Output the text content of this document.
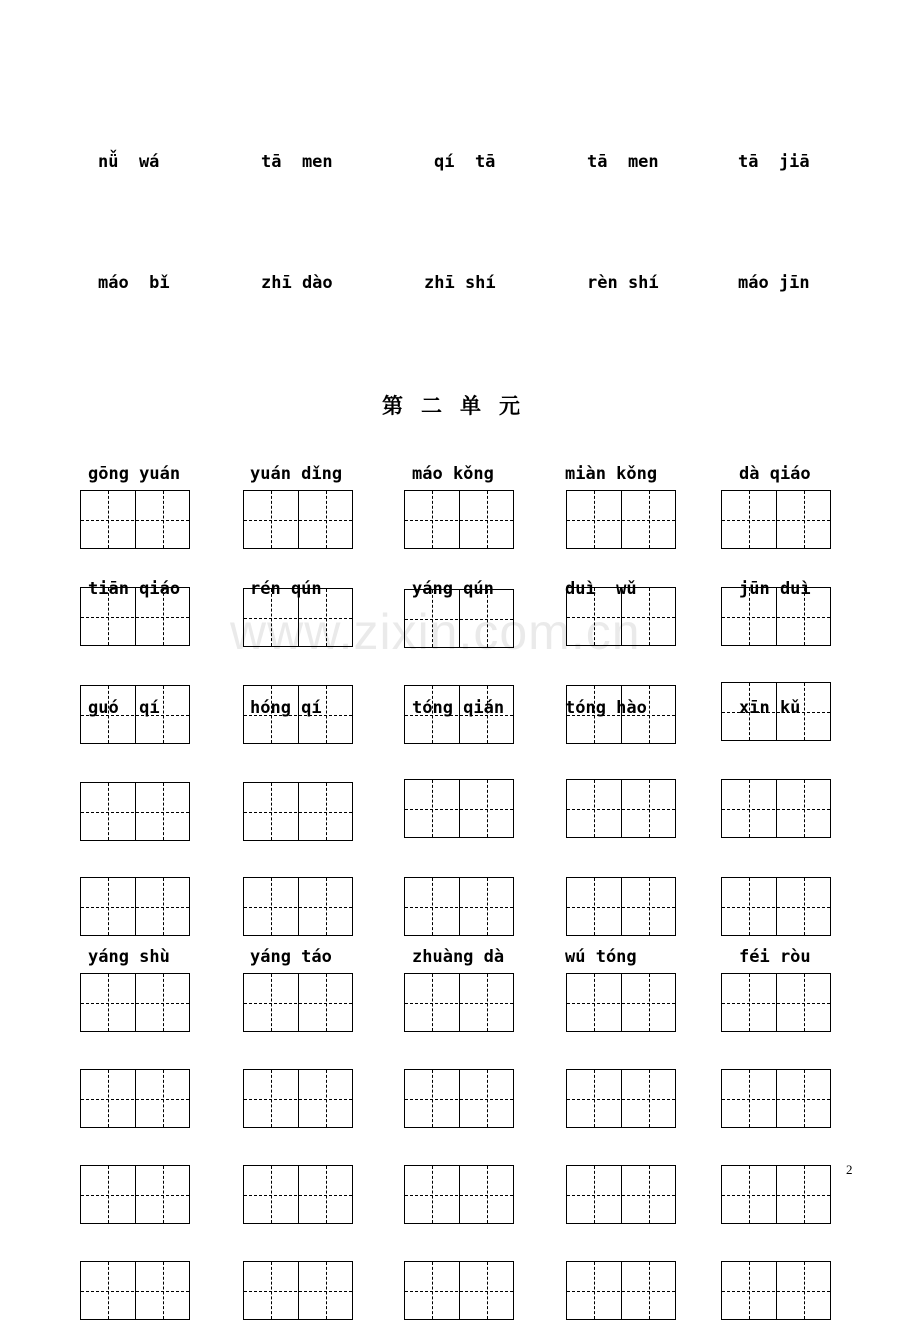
nǚ  wá	tā  men	qí  tā	tā  men	tā  jiā
máo  bǐ	zhī dào	zhī shí	rèn shí	máo jīn
第二单元
gōng yuán	yuán dǐng	máo kǒng	miàn kǒng	dà qiáo
tiān qiáo	rén qún	yáng qún	duì  wǔ	jūn duì
guó  qí	hóng qí	tóng qián	tóng hào	xīn kǔ
yáng shù	yáng táo	zhuàng dà	wú tóng	féi ròu
2
www.zixin.com.cn
